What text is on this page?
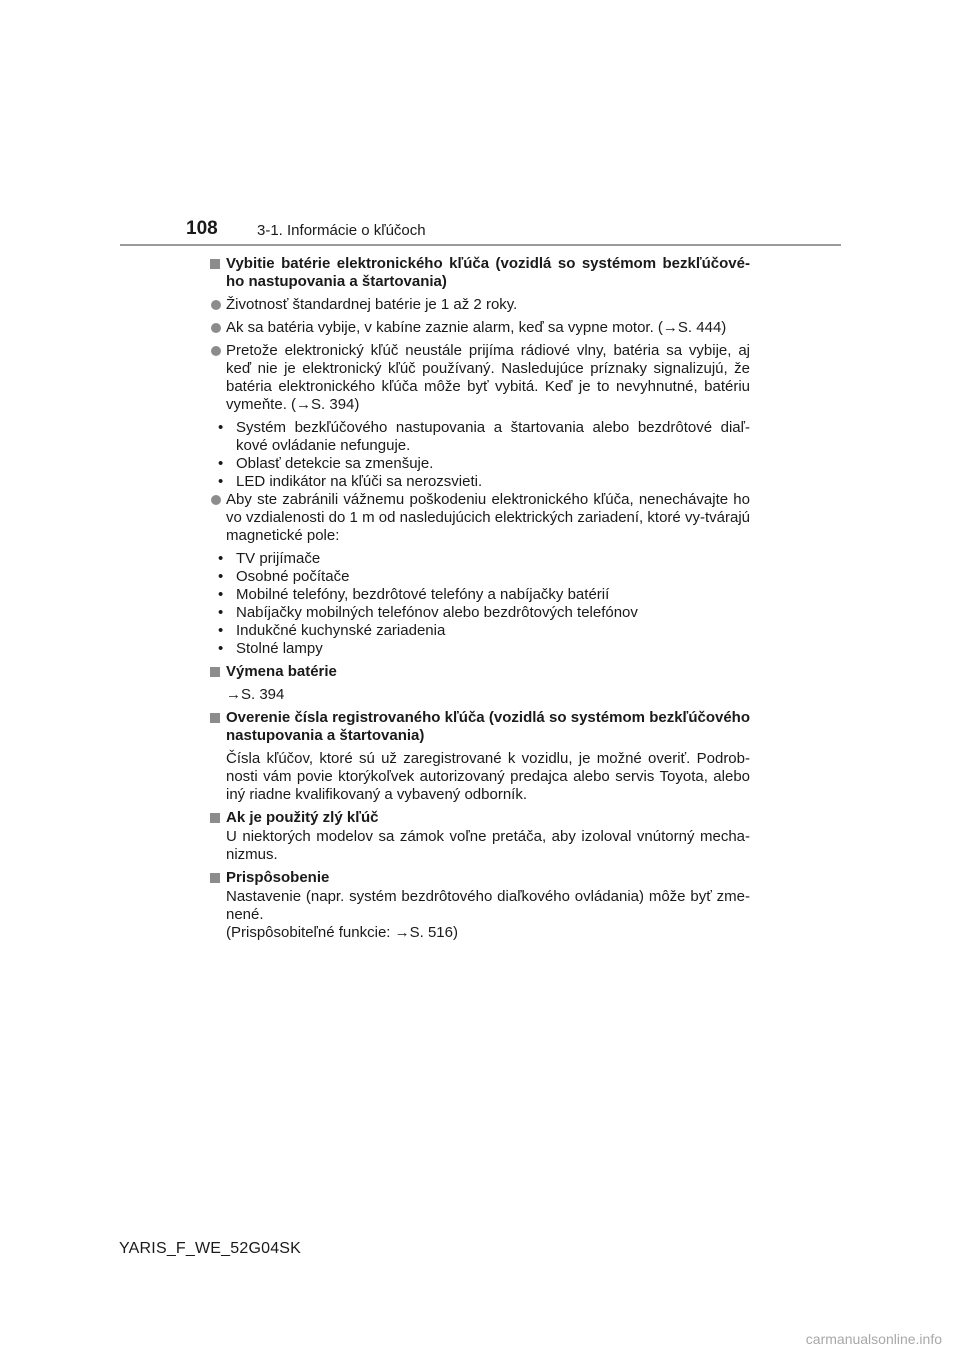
108	3-1. Informácie o kľúčoch
Vybitie batérie elektronického kľúča (vozidlá so systémom bezkľúčové-ho nastupovania a štartovania)
Životnosť štandardnej batérie je 1 až 2 roky.
Ak sa batéria vybije, v kabíne zaznie alarm, keď sa vypne motor. (→S. 444)
Pretože elektronický kľúč neustále prijíma rádiové vlny, batéria sa vybije, aj keď nie je elektronický kľúč používaný. Nasledujúce príznaky signalizujú, že batéria elektronického kľúča môže byť vybitá. Keď je to nevyhnutné, batériu vymeňte. (→S. 394)
• Systém bezkľúčového nastupovania a štartovania alebo bezdrôtové diaľ-kové ovládanie nefunguje.
• Oblasť detekcie sa zmenšuje.
• LED indikátor na kľúči sa nerozsvieti.
Aby ste zabránili vážnemu poškodeniu elektronického kľúča, nenechávajte ho vo vzdialenosti do 1 m od nasledujúcich elektrických zariadení, ktoré vy-tvárajú magnetické pole:
• TV prijímače
• Osobné počítače
• Mobilné telefóny, bezdrôtové telefóny a nabíjačky batérií
• Nabíjačky mobilných telefónov alebo bezdrôtových telefónov
• Indukčné kuchynské zariadenia
• Stolné lampy
Výmena batérie
→S. 394
Overenie čísla registrovaného kľúča (vozidlá so systémom bezkľúčového nastupovania a štartovania)
Čísla kľúčov, ktoré sú už zaregistrované k vozidlu, je možné overiť. Podrob-nosti vám povie ktorýkoľvek autorizovaný predajca alebo servis Toyota, alebo iný riadne kvalifikovaný a vybavený odborník.
Ak je použitý zlý kľúč
U niektorých modelov sa zámok voľne pretáča, aby izoloval vnútorný mecha-nizmus.
Prispôsobenie
Nastavenie (napr. systém bezdrôtového diaľkového ovládania) môže byť zme-nené.
(Prispôsobiteľné funkcie: →S. 516)
YARIS_F_WE_52G04SK
carmanualsonline.info
